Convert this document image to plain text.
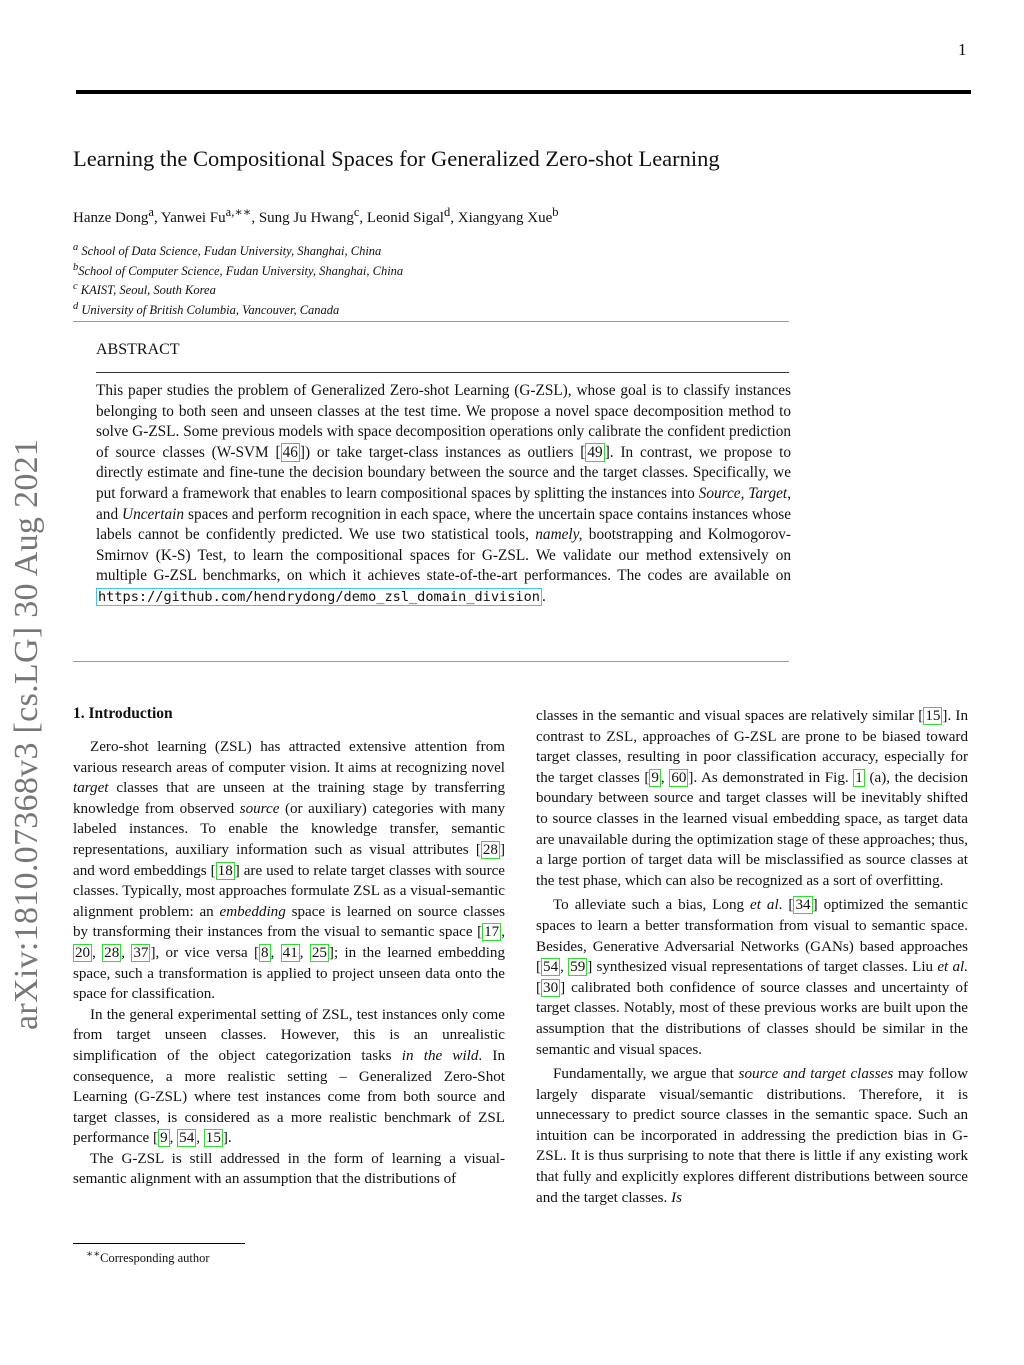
1
arXiv:1810.07368v3 [cs.LG] 30 Aug 2021
Learning the Compositional Spaces for Generalized Zero-shot Learning
Hanze Dong$^a$, Yanwei $Fu^{a,∗∗}$, Sung Ju Hwang$^c$, Leonid Sigal$^d$, Xiangyang Xue$^b$
$^a$ School of Data Science, Fudan University, Shanghai, China
$^b$School of Computer Science, Fudan University, Shanghai, China
$^c$ KAIST, Seoul, South Korea
$^d$ University of British Columbia, Vancouver, Canada
ABSTRACT
This paper studies the problem of Generalized Zero-shot Learning (G-ZSL), whose goal is to classify instances belonging to both seen and unseen classes at the test time. We propose a novel space decomposition method to solve G-ZSL. Some previous models with space decomposition operations only calibrate the confident prediction of source classes (W-SVM [ 46 ]) or take target-class instances as outliers [ 49 ]. In contrast, we propose to directly estimate and fine-tune the decision boundary between the source and the target classes. Specifically, we put forward a framework that enables to learn compositional spaces by splitting the instances into Source, Target, and Uncertain spaces and perform recognition in each space, where the uncertain space contains instances whose labels cannot be confidently predicted. We use two statistical tools, namely, bootstrapping and Kolmogorov-Smirnov (K-S) Test, to learn the compositional spaces for G-ZSL. We validate our method extensively on multiple G-ZSL benchmarks, on which it achieves state-of-the-art performances. The codes are available on https://github.com/hendrydong/demo_zsl_domain_division .
1. Introduction

Zero-shot learning (ZSL) has attracted extensive attention from various research areas of computer vision. It aims at recognizing novel target classes that are unseen at the training stage by transferring knowledge from observed source (or auxiliary) categories with many labeled instances. To enable the knowledge transfer, semantic representations, auxiliary information such as visual attributes [ 28 ] and word embeddings [ 18 ] are used to relate target classes with source classes. Typically, most approaches formulate ZSL as a visual-semantic alignment problem: an embedding space is learned on source classes by transforming their instances from the visual to semantic space [ 17 , 20 , 28 , 37 ], or vice versa [ 8 , 41 , 25 ]; in the learned embedding space, such a transformation is applied to project unseen data onto the space for classification.

In the general experimental setting of ZSL, test instances only come from target unseen classes. However, this is an unrealistic simplification of the object categorization tasks in the wild. In consequence, a more realistic setting – Generalized Zero-Shot Learning (G-ZSL) where test instances come from both source and target classes, is considered as a more realistic benchmark of ZSL performance [ 9 , 54 , 15 ].

The G-ZSL is still addressed in the form of learning a visual-semantic alignment with an assumption that the distributions of

classes in the semantic and visual spaces are relatively similar [ 15 ]. In contrast to ZSL, approaches of G-ZSL are prone to be biased toward target classes, resulting in poor classification accuracy, especially for the target classes [ 9 , 60 ]. As demonstrated in Fig. 1 (a), the decision boundary between source and target classes will be inevitably shifted to source classes in the learned visual embedding space, as target data are unavailable during the optimization stage of these approaches; thus, a large portion of target data will be misclassified as source classes at the test phase, which can also be recognized as a sort of overfitting.

To alleviate such a bias, Long et al. [ 34 ] optimized the semantic spaces to learn a better transformation from visual to semantic space. Besides, Generative Adversarial Networks (GANs) based approaches [ 54 , 59 ] synthesized visual representations of target classes. Liu et al. [ 30 ] calibrated both confidence of source classes and uncertainty of target classes. Notably, most of these previous works are built upon the assumption that the distributions of classes should be similar in the semantic and visual spaces.

Fundamentally, we argue that source and target classes may follow largely disparate visual/semantic distributions. Therefore, it is unnecessary to predict source classes in the semantic space. Such an intuition can be incorporated in addressing the prediction bias in G-ZSL. It is thus surprising to note that there is little if any existing work that fully and explicitly explores different distributions between source and the target classes. Is

∗∗Corresponding author
